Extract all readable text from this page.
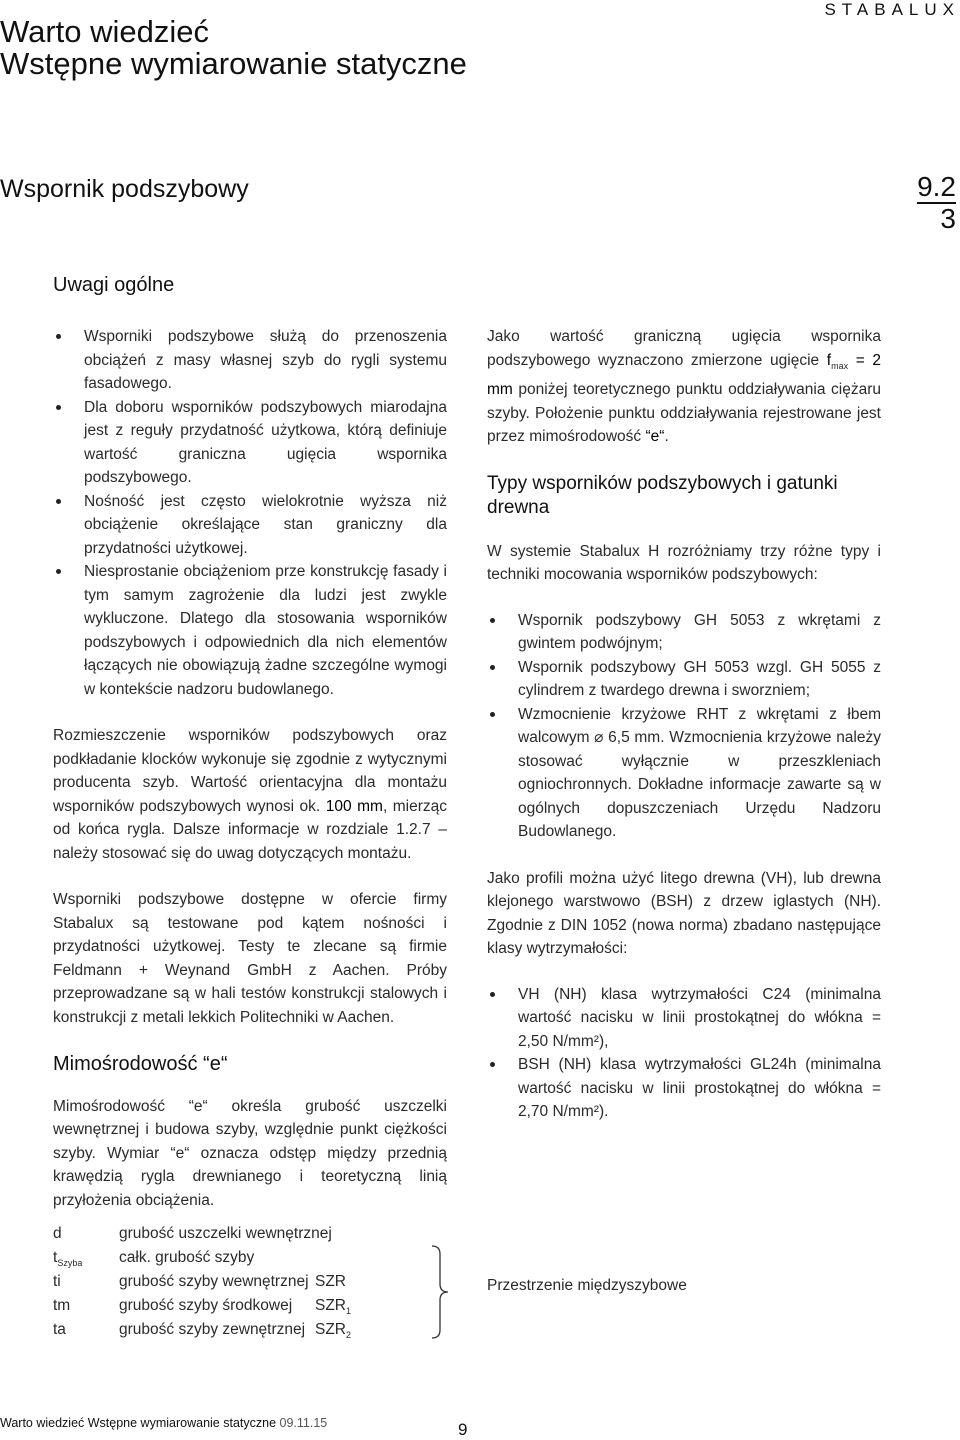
Warto wiedzieć
Wstępne wymiarowanie statyczne
STABALUX
Wspornik podszybowy	9.2
3
Uwagi ogólne
Wsporniki podszybowe służą do przenoszenia obciążeń z masy własnej szyb do rygli systemu fasadowego.
Dla doboru wsporników podszybowych miarodajna jest z reguły przydatność użytkowa, którą definiuje wartość graniczna ugięcia wspornika podszybowego.
Nośność jest często wielokrotnie wyższa niż obciążenie określające stan graniczny dla przydatności użytkowej.
Niesprostanie obciążeniom prze konstrukcję fasady i tym samym zagrożenie dla ludzi jest zwykle wykluczone. Dlatego dla stosowania wsporników podszybowych i odpowiednich dla nich elementów łączących nie obowiązują żadne szczególne wymogi w kontekście nadzoru budowlanego.

Rozmieszczenie wsporników podszybowych oraz podkładanie klocków wykonuje się zgodnie z wytycznymi producenta szyb. Wartość orientacyjna dla montażu wsporników podszybowych wynosi ok. 100 mm, mierząc od końca rygla. Dalsze informacje w rozdziale 1.2.7 – należy stosować się do uwag dotyczących montażu.

Wsporniki podszybowe dostępne w ofercie firmy Stabalux są testowane pod kątem nośności i przydatności użytkowej. Testy te zlecane są firmie Feldmann + Weynand GmbH z Aachen. Próby przeprowadzane są w hali testów konstrukcji stalowych i konstrukcji z metali lekkich Politechniki w Aachen.

Mimośrodowość “e“

Mimośrodowość “e“ określa grubość uszczelki wewnętrznej i budowa szyby, względnie punkt ciężkości szyby. Wymiar “e“ oznacza odstęp między przednią krawędzią rygla drewnianego i teoretyczną linią przyłożenia obciążenia.

Jako wartość graniczną ugięcia wspornika podszybowego wyznaczono zmierzone ugięcie $f_{max} = 2$ mm poniżej teoretycznego punktu oddziaływania ciężaru szyby. Położenie punktu oddziaływania rejestrowane jest przez mimośrodowość “e“.

Typy wsporników podszybowych i gatunki drewna

W systemie Stabalux H rozróżniamy trzy różne typy i techniki mocowania wsporników podszybowych:

Wspornik podszybowy GH 5053 z wkrętami z gwintem podwójnym;
Wspornik podszybowy GH 5053 wzgl. GH 5055 z cylindrem z twardego drewna i sworzniem;
Wzmocnienie krzyżowe RHT z wkrętami z łbem walcowym ⌀ 6,5 mm. Wzmocnienia krzyżowe należy stosować wyłącznie w przeszkleniach ogniochronnych. Dokładne informacje zawarte są w ogólnych dopuszczeniach Urzędu Nadzoru Budowlanego.

Jako profili można użyć litego drewna (VH), lub drewna klejonego warstwowo (BSH) z drzew iglastych (NH). Zgodnie z DIN 1052 (nowa norma) zbadano następujące klasy wytrzymałości:

VH (NH) klasa wytrzymałości C24 (minimalna wartość nacisku w linii prostokątnej do włókna = 2,50 N/mm²),
BSH (NH) klasa wytrzymałości GL24h (minimalna wartość nacisku w linii prostokątnej do włókna = 2,70 N/mm²).
d	grubość uszczelki wewnętrznej
$t_{Szyba}$ całk. grubość szyby
ti	grubość szyby wewnętrznej SZR
tm	grubość szyby środkowej $SZR_1$
ta	grubość szyby zewnętrznej $SZR_2$
Przestrzenie międzyszybowe
Warto wiedzieć Wstępne wymiarowanie statyczne 09.11.15	9
